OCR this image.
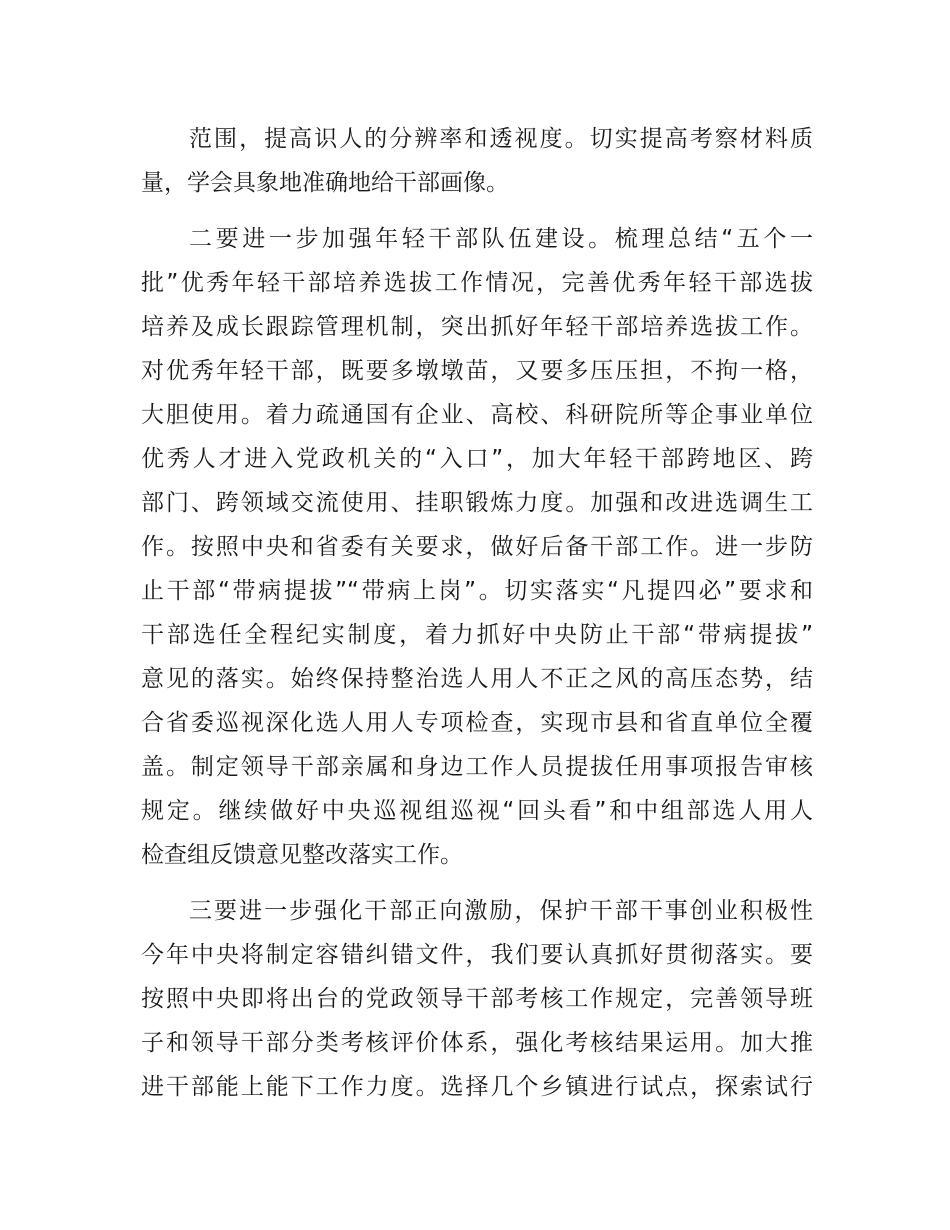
范围，提高识人的分辨率和透视度。切实提高考察材料质
量，学会具象地准确地给干部画像。
二要进一步加强年轻干部队伍建设。梳理总结“五个一
批”优秀年轻干部培养选拔工作情况，完善优秀年轻干部选拔
培养及成长跟踪管理机制，突出抓好年轻干部培养选拔工作。
对优秀年轻干部，既要多墩墩苗，又要多压压担，不拘一格，
大胆使用。着力疏通国有企业、高校、科研院所等企事业单位
优秀人才进入党政机关的“入口”，加大年轻干部跨地区、跨
部门、跨领域交流使用、挂职锻炼力度。加强和改进选调生工
作。按照中央和省委有关要求，做好后备干部工作。进一步防
止干部“带病提拔”“带病上岗”。切实落实“凡提四必”要求和
干部选任全程纪实制度，着力抓好中央防止干部“带病提拔”
意见的落实。始终保持整治选人用人不正之风的高压态势，结
合省委巡视深化选人用人专项检查，实现市县和省直单位全覆
盖。制定领导干部亲属和身边工作人员提拔任用事项报告审核
规定。继续做好中央巡视组巡视“回头看”和中组部选人用人
检查组反馈意见整改落实工作。
三要进一步强化干部正向激励，保护干部干事创业积极性
今年中央将制定容错纠错文件，我们要认真抓好贯彻落实。要
按照中央即将出台的党政领导干部考核工作规定，完善领导班
子和领导干部分类考核评价体系，强化考核结果运用。加大推
进干部能上能下工作力度。选择几个乡镇进行试点，探索试行
